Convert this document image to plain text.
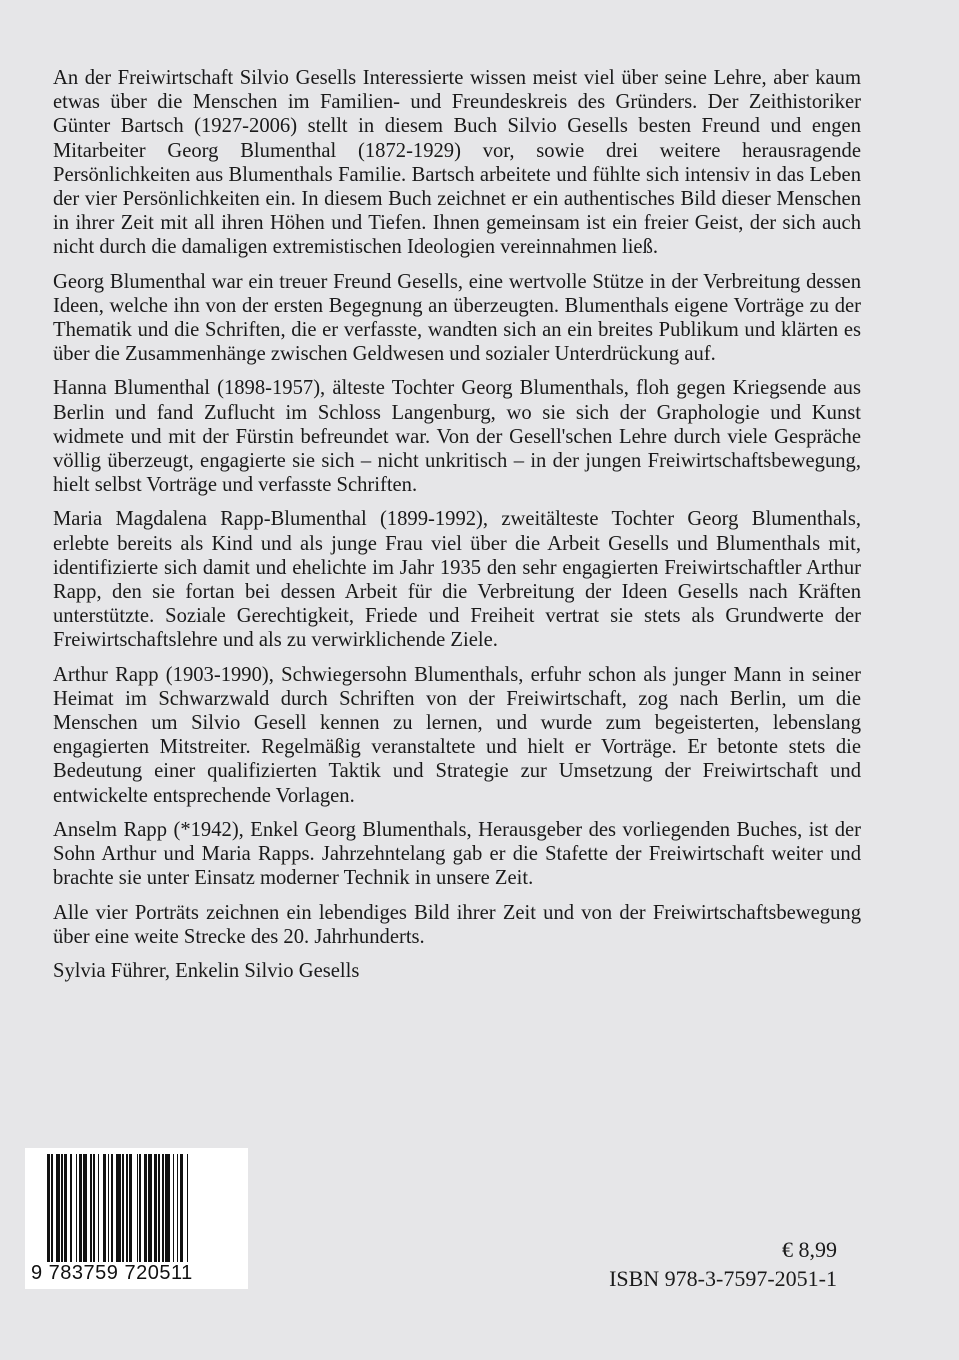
An der Freiwirtschaft Silvio Gesells Interessierte wissen meist viel über seine Lehre, aber kaum etwas über die Menschen im Familien- und Freundeskreis des Gründers. Der Zeithistoriker Günter Bartsch (1927-2006) stellt in diesem Buch Silvio Gesells besten Freund und engen Mitarbeiter Georg Blumenthal (1872-1929) vor, sowie drei weitere herausragende Persönlichkeiten aus Blumenthals Familie. Bartsch arbeitete und fühlte sich intensiv in das Leben der vier Persönlichkeiten ein. In diesem Buch zeichnet er ein authentisches Bild dieser Menschen in ihrer Zeit mit all ihren Höhen und Tiefen. Ihnen gemeinsam ist ein freier Geist, der sich auch nicht durch die damaligen extremistischen Ideologien vereinnahmen ließ.

Georg Blumenthal war ein treuer Freund Gesells, eine wertvolle Stütze in der Verbreitung dessen Ideen, welche ihn von der ersten Begegnung an überzeugten. Blumenthals eigene Vorträge zu der Thematik und die Schriften, die er verfasste, wandten sich an ein breites Publikum und klärten es über die Zusammenhänge zwischen Geldwesen und sozialer Unterdrückung auf.

Hanna Blumenthal (1898-1957), älteste Tochter Georg Blumenthals, floh gegen Kriegsende aus Berlin und fand Zuflucht im Schloss Langenburg, wo sie sich der Graphologie und Kunst widmete und mit der Fürstin befreundet war. Von der Gesell'schen Lehre durch viele Gespräche völlig überzeugt, engagierte sie sich – nicht unkritisch – in der jungen Freiwirtschaftsbewegung, hielt selbst Vorträge und verfasste Schriften.

Maria Magdalena Rapp-Blumenthal (1899-1992), zweitälteste Tochter Georg Blumenthals, erlebte bereits als Kind und als junge Frau viel über die Arbeit Gesells und Blumenthals mit, identifizierte sich damit und ehelichte im Jahr 1935 den sehr engagierten Freiwirtschaftler Arthur Rapp, den sie fortan bei dessen Arbeit für die Verbreitung der Ideen Gesells nach Kräften unterstützte. Soziale Gerechtigkeit, Friede und Freiheit vertrat sie stets als Grundwerte der Freiwirtschaftslehre und als zu verwirklichende Ziele.

Arthur Rapp (1903-1990), Schwiegersohn Blumenthals, erfuhr schon als junger Mann in seiner Heimat im Schwarzwald durch Schriften von der Freiwirtschaft, zog nach Berlin, um die Menschen um Silvio Gesell kennen zu lernen, und wurde zum begeisterten, lebenslang engagierten Mitstreiter. Regelmäßig veranstaltete und hielt er Vorträge. Er betonte stets die Bedeutung einer qualifizierten Taktik und Strategie zur Umsetzung der Freiwirtschaft und entwickelte entsprechende Vorlagen.

Anselm Rapp (*1942), Enkel Georg Blumenthals, Herausgeber des vorliegenden Buches, ist der Sohn Arthur und Maria Rapps. Jahrzehntelang gab er die Stafette der Freiwirtschaft weiter und brachte sie unter Einsatz moderner Technik in unsere Zeit.

Alle vier Porträts zeichnen ein lebendiges Bild ihrer Zeit und von der Freiwirtschaftsbewegung über eine weite Strecke des 20. Jahrhunderts.

Sylvia Führer, Enkelin Silvio Gesells

9 783759 720511
€ 8,99
ISBN 978-3-7597-2051-1
